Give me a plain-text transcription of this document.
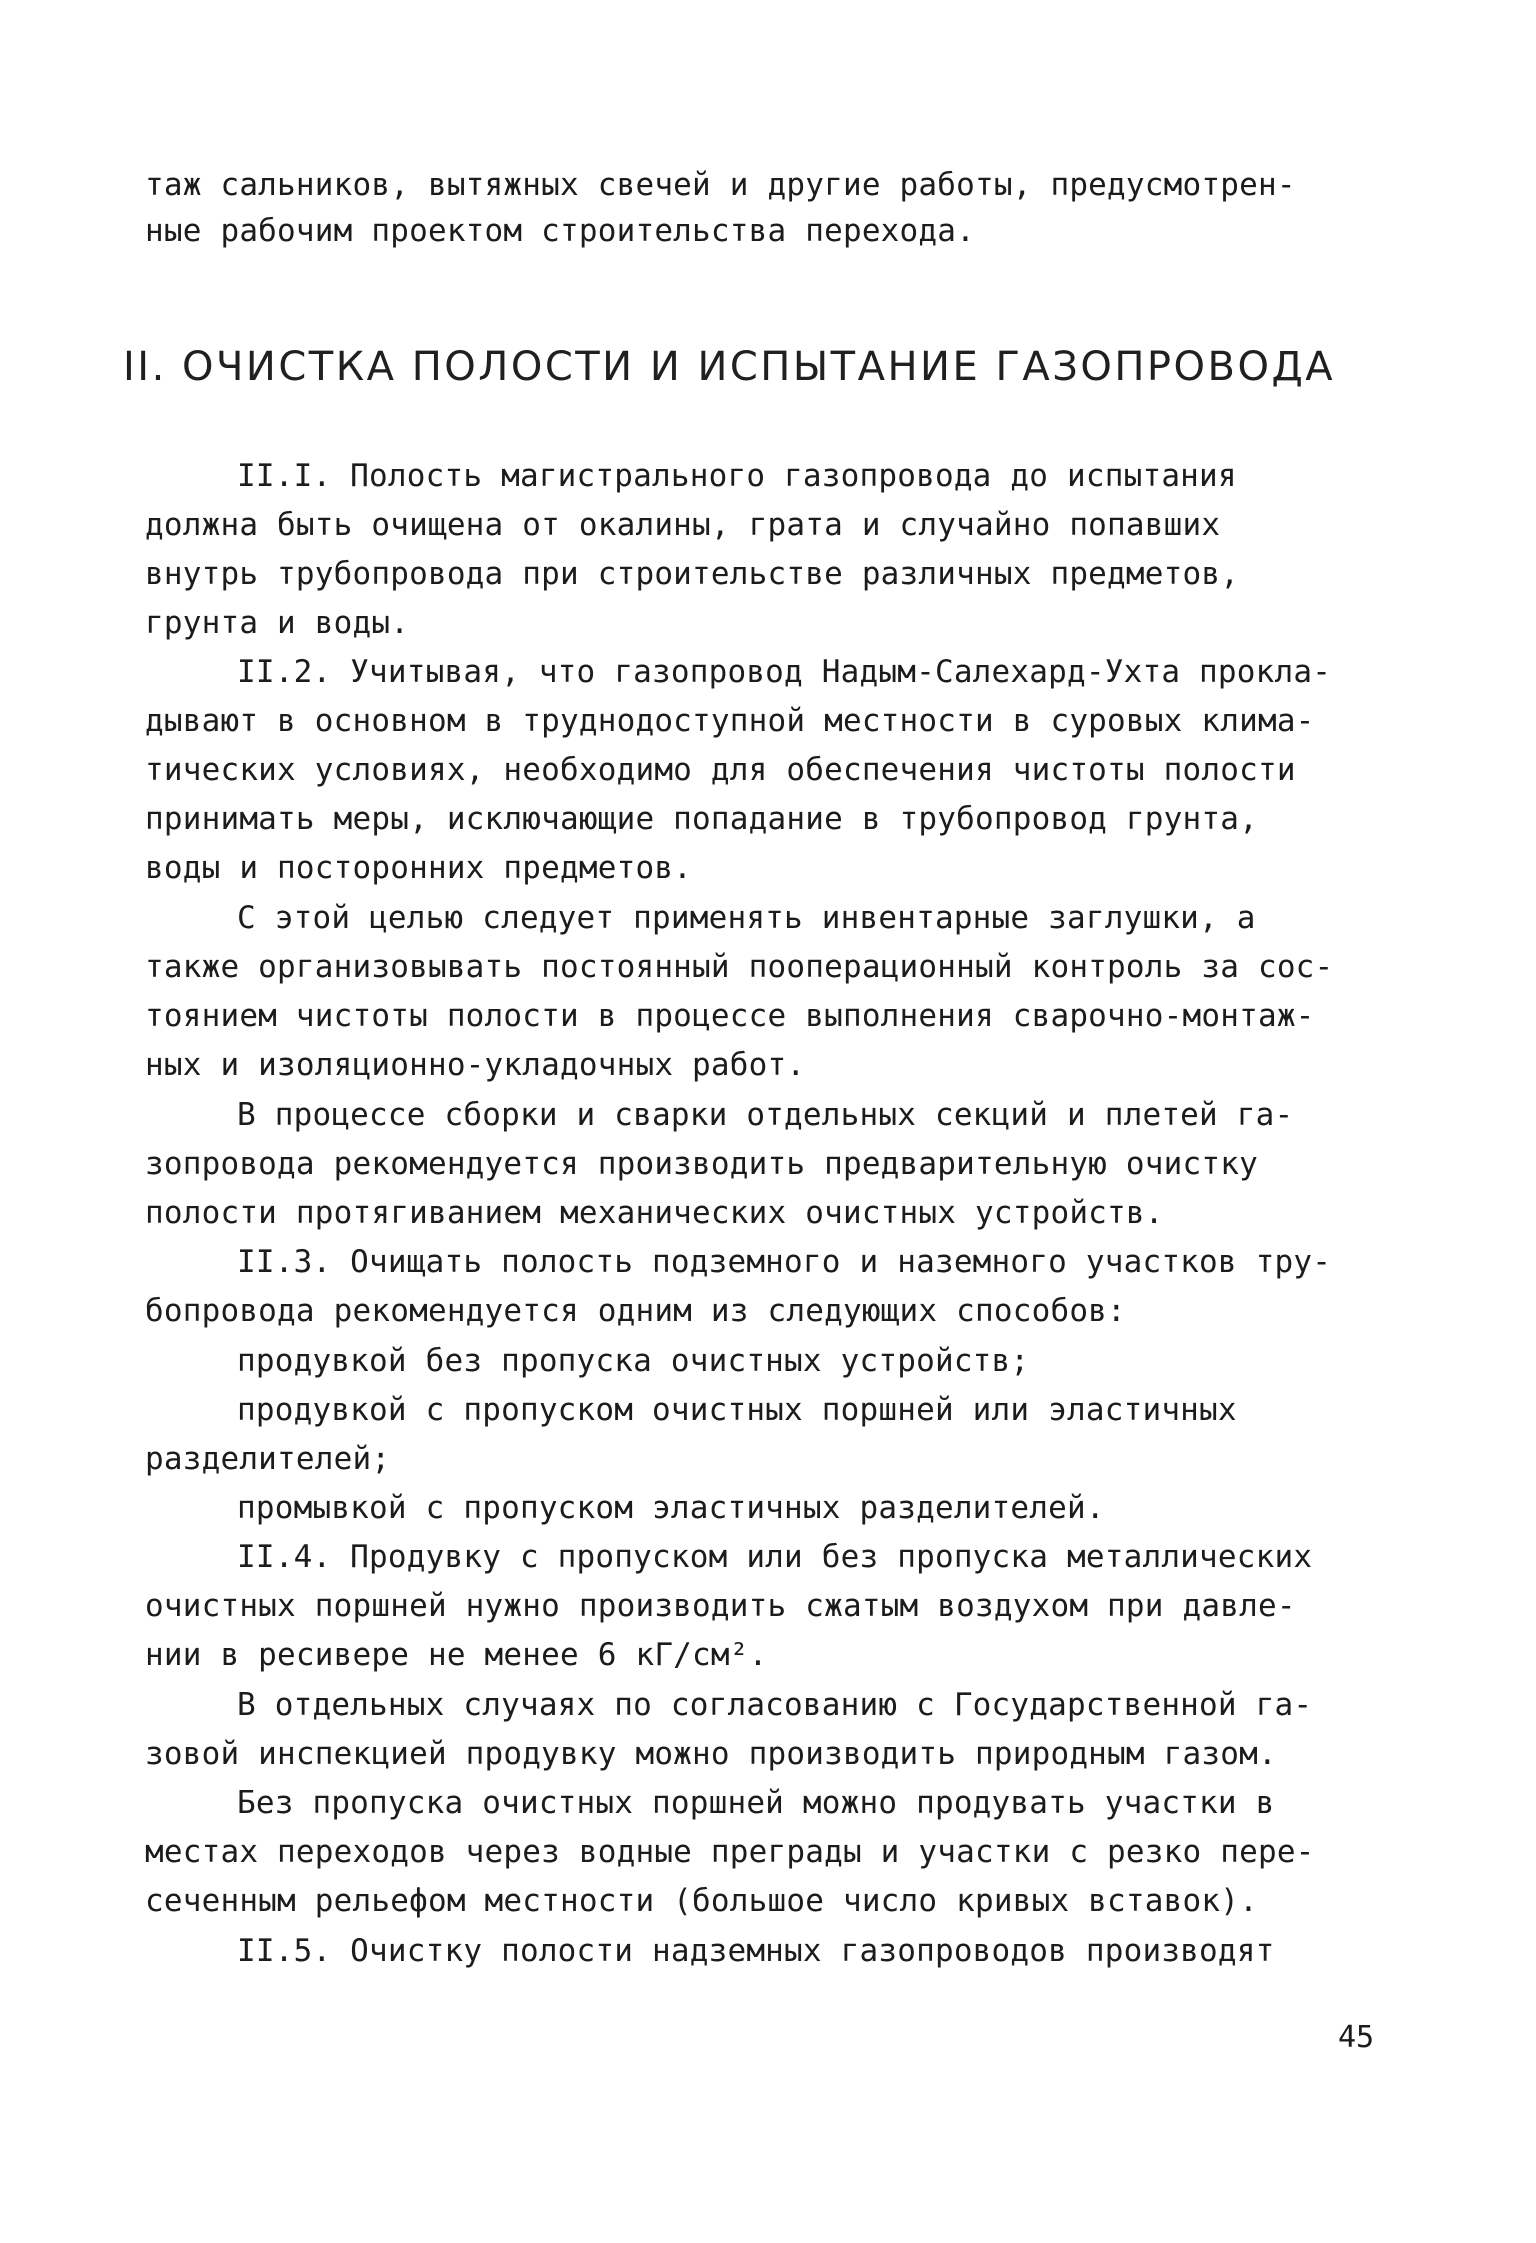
таж сальников, вытяжных свечей и другие работы, предусмотрен-
ные рабочим проектом строительства перехода.
II. ОЧИСТКА ПОЛОСТИ И ИСПЫТАНИЕ ГАЗОПРОВОДА
II.I. Полость магистрального газопровода до испытания
должна быть очищена от окалины, грата и случайно попавших
внутрь трубопровода при строительстве различных предметов,
грунта и воды.
II.2. Учитывая, что газопровод Надым-Салехард-Ухта прокла-
дывают в основном в труднодоступной местности в суровых клима-
тических условиях, необходимо для обеспечения чистоты полости
принимать меры, исключающие попадание в трубопровод грунта,
воды и посторонних предметов.
С этой целью следует применять инвентарные заглушки, а
также организовывать постоянный пооперационный контроль за сос-
тоянием чистоты полости в процессе выполнения сварочно-монтаж-
ных и изоляционно-укладочных работ.
В процессе сборки и сварки отдельных секций и плетей га-
зопровода рекомендуется производить предварительную очистку
полости протягиванием механических очистных устройств.
II.3. Очищать полость подземного и наземного участков тру-
бопровода рекомендуется одним из следующих способов:
продувкой без пропуска очистных устройств;
продувкой с пропуском очистных поршней или эластичных
разделителей;
промывкой с пропуском эластичных разделителей.
II.4. Продувку с пропуском или без пропуска металлических
очистных поршней нужно производить сжатым воздухом при давле-
нии в ресивере не менее 6 кГ/см².
В отдельных случаях по согласованию с Государственной га-
зовой инспекцией продувку можно производить природным газом.
Без пропуска очистных поршней можно продувать участки в
местах переходов через водные преграды и участки с резко пере-
сеченным рельефом местности (большое число кривых вставок).
II.5. Очистку полости надземных газопроводов производят
45
